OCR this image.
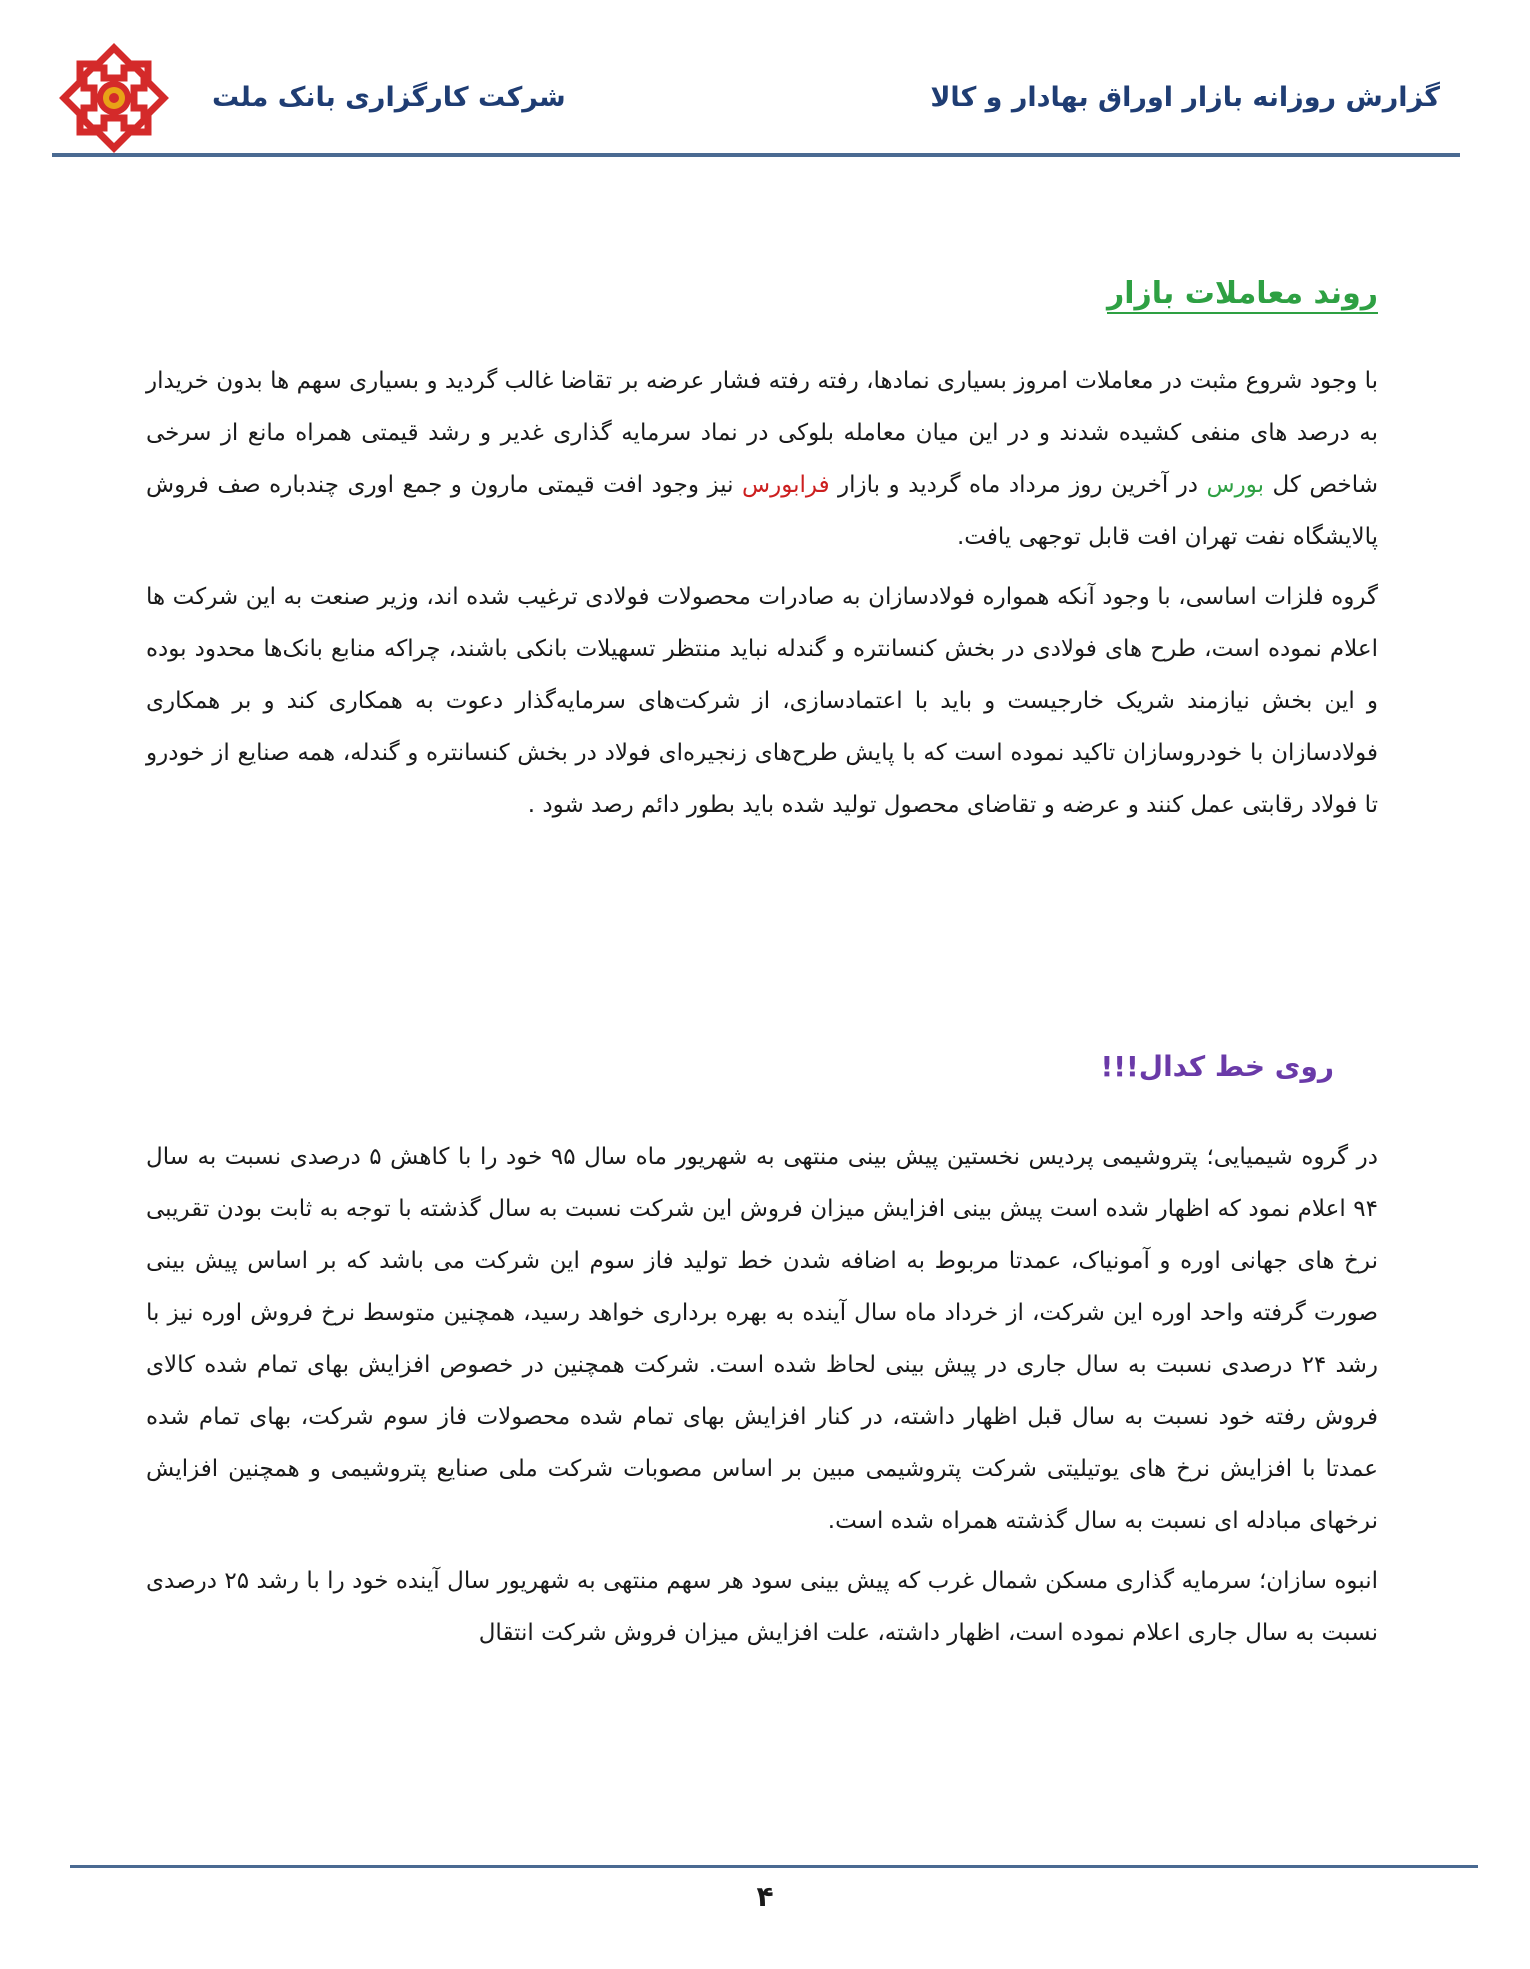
شرکت کارگزاری بانک ملت	گزارش روزانه بازار اوراق بهادار و کالا
روند معاملات بازار

با وجود شروع مثبت در معاملات امروز بسیاری نمادها، رفته رفته فشار عرضه بر تقاضا غالب گردید و بسیاری سهم ها بدون خریدار به درصد های منفی کشیده شدند و در این میان معامله بلوکی در نماد سرمایه گذاری غدیر و رشد قیمتی همراه مانع از سرخی شاخص کل بورس در آخرین روز مرداد ماه گردید و بازار فرابورس نیز وجود افت قیمتی مارون و جمع اوری چندباره صف فروش پالایشگاه نفت تهران افت قابل توجهی یافت.

گروه فلزات اساسی، با وجود آنکه همواره فولادسازان به صادرات محصولات فولادی ترغیب شده اند، وزیر صنعت به این شرکت ها اعلام نموده است، طرح های فولادی در بخش کنسانتره و گندله نباید منتظر تسهیلات بانکی باشند، چراکه منابع بانک‌ها محدود بوده و این بخش نیازمند شریک خارجیست و باید با اعتمادسازی، از شرکت‌های سرمایه‌گذار دعوت به همکاری کند و بر همکاری فولادسازان با خودروسازان تاکید نموده است که با پایش طرح‌های زنجیره‌ای فولاد در بخش کنسانتره و گندله، همه صنایع از خودرو تا فولاد رقابتی عمل کنند و عرضه و تقاضای محصول تولید شده باید بطور دائم رصد شود .

روی خط کدال!!!

در گروه شیمیایی؛ پتروشیمی پردیس نخستین پیش بینی منتهی به شهریور ماه سال ۹۵ خود را با کاهش ۵ درصدی نسبت به سال ۹۴ اعلام نمود که اظهار شده است پیش بینی افزایش میزان فروش این شرکت نسبت به سال گذشته با توجه به ثابت بودن تقریبی نرخ های جهانی اوره و آمونیاک، عمدتا مربوط به اضافه شدن خط تولید فاز سوم این شرکت می باشد که بر اساس پیش بینی صورت گرفته واحد اوره این شرکت، از خرداد ماه سال آینده به بهره برداری خواهد رسید، همچنین متوسط نرخ فروش اوره نیز با رشد ۲۴ درصدی نسبت به سال جاری در پیش بینی لحاظ شده است. شرکت همچنین در خصوص افزایش بهای تمام شده کالای فروش رفته خود نسبت به سال قبل اظهار داشته، در کنار افزایش بهای تمام شده محصولات فاز سوم شرکت، بهای تمام شده عمدتا با افزایش نرخ های یوتیلیتی شرکت پتروشیمی مبین بر اساس مصوبات شرکت ملی صنایع پتروشیمی و همچنین افزایش نرخهای مبادله ای نسبت به سال گذشته همراه شده است.

انبوه سازان؛ سرمایه گذاری مسکن شمال غرب که پیش بینی سود هر سهم منتهی به شهریور سال آینده خود را با رشد ۲۵ درصدی نسبت به سال جاری اعلام نموده است، اظهار داشته، علت افزایش میزان فروش شرکت انتقال

۴
